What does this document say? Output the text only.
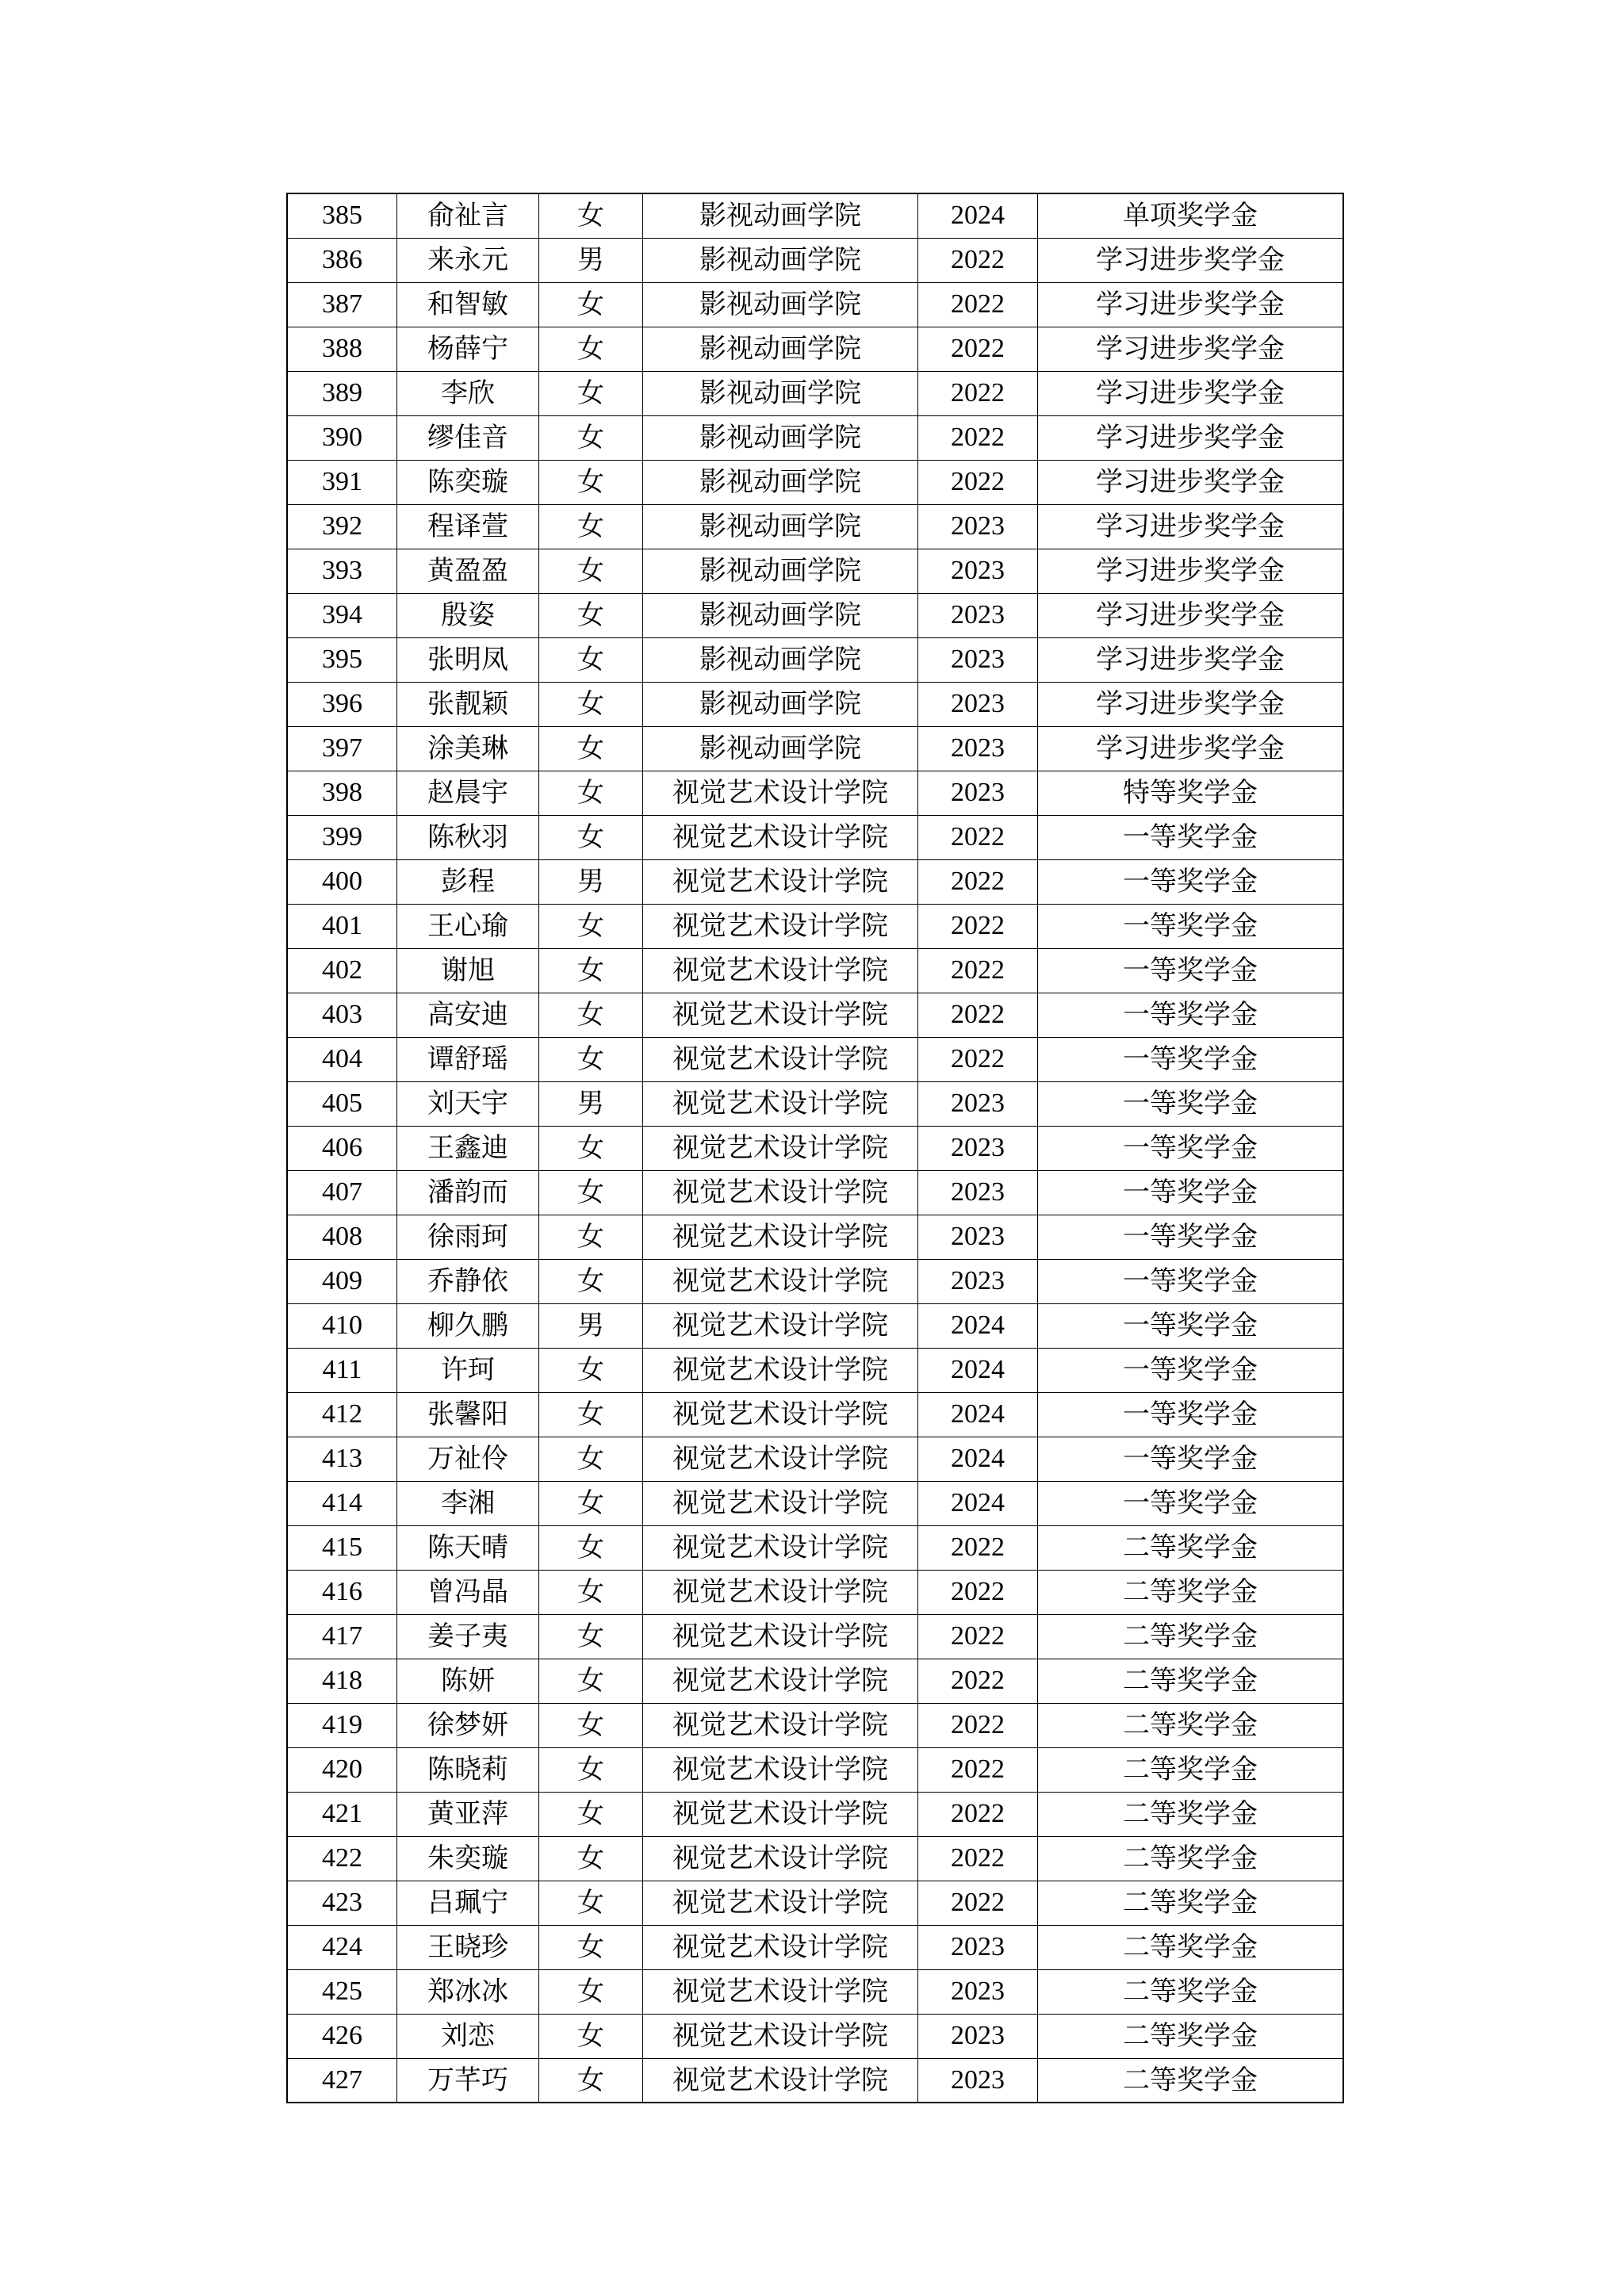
385	俞祉言	女	影视动画学院	2024	单项奖学金
386	来永元	男	影视动画学院	2022	学习进步奖学金
387	和智敏	女	影视动画学院	2022	学习进步奖学金
388	杨薛宁	女	影视动画学院	2022	学习进步奖学金
389	李欣	女	影视动画学院	2022	学习进步奖学金
390	缪佳音	女	影视动画学院	2022	学习进步奖学金
391	陈奕璇	女	影视动画学院	2022	学习进步奖学金
392	程译萱	女	影视动画学院	2023	学习进步奖学金
393	黄盈盈	女	影视动画学院	2023	学习进步奖学金
394	殷姿	女	影视动画学院	2023	学习进步奖学金
395	张明凤	女	影视动画学院	2023	学习进步奖学金
396	张靓颖	女	影视动画学院	2023	学习进步奖学金
397	涂美琳	女	影视动画学院	2023	学习进步奖学金
398	赵晨宇	女	视觉艺术设计学院	2023	特等奖学金
399	陈秋羽	女	视觉艺术设计学院	2022	一等奖学金
400	彭程	男	视觉艺术设计学院	2022	一等奖学金
401	王心瑜	女	视觉艺术设计学院	2022	一等奖学金
402	谢旭	女	视觉艺术设计学院	2022	一等奖学金
403	高安迪	女	视觉艺术设计学院	2022	一等奖学金
404	谭舒瑶	女	视觉艺术设计学院	2022	一等奖学金
405	刘天宇	男	视觉艺术设计学院	2023	一等奖学金
406	王鑫迪	女	视觉艺术设计学院	2023	一等奖学金
407	潘韵而	女	视觉艺术设计学院	2023	一等奖学金
408	徐雨珂	女	视觉艺术设计学院	2023	一等奖学金
409	乔静依	女	视觉艺术设计学院	2023	一等奖学金
410	柳久鹏	男	视觉艺术设计学院	2024	一等奖学金
411	许珂	女	视觉艺术设计学院	2024	一等奖学金
412	张馨阳	女	视觉艺术设计学院	2024	一等奖学金
413	万祉伶	女	视觉艺术设计学院	2024	一等奖学金
414	李湘	女	视觉艺术设计学院	2024	一等奖学金
415	陈天晴	女	视觉艺术设计学院	2022	二等奖学金
416	曾冯晶	女	视觉艺术设计学院	2022	二等奖学金
417	姜子夷	女	视觉艺术设计学院	2022	二等奖学金
418	陈妍	女	视觉艺术设计学院	2022	二等奖学金
419	徐梦妍	女	视觉艺术设计学院	2022	二等奖学金
420	陈晓莉	女	视觉艺术设计学院	2022	二等奖学金
421	黄亚萍	女	视觉艺术设计学院	2022	二等奖学金
422	朱奕璇	女	视觉艺术设计学院	2022	二等奖学金
423	吕珮宁	女	视觉艺术设计学院	2022	二等奖学金
424	王晓珍	女	视觉艺术设计学院	2023	二等奖学金
425	郑冰冰	女	视觉艺术设计学院	2023	二等奖学金
426	刘恋	女	视觉艺术设计学院	2023	二等奖学金
427	万芊巧	女	视觉艺术设计学院	2023	二等奖学金
